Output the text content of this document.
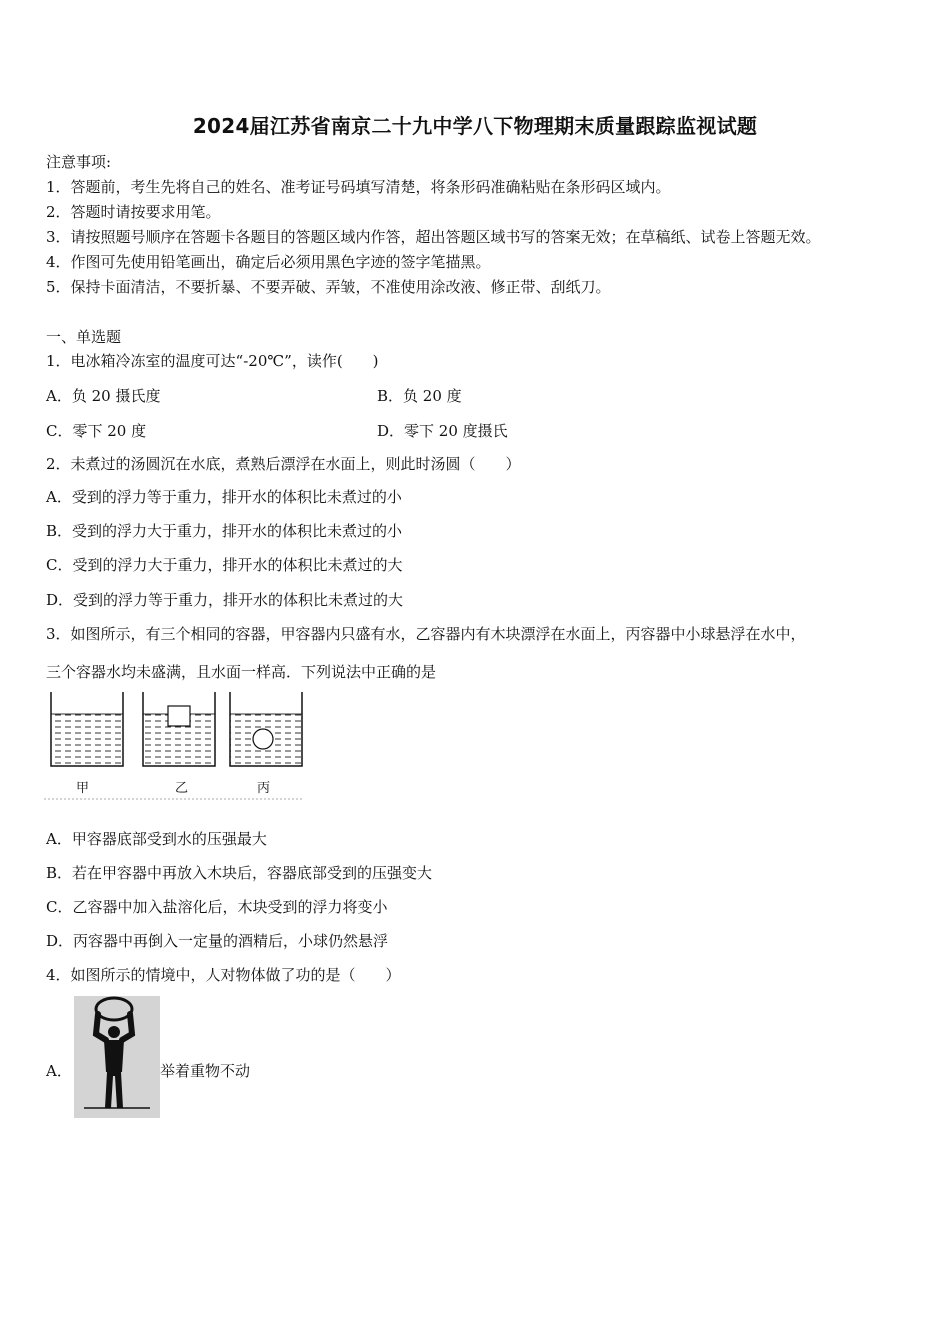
2024届江苏省南京二十九中学八下物理期末质量跟踪监视试题
注意事项:
1．答题前，考生先将自己的姓名、准考证号码填写清楚，将条形码准确粘贴在条形码区域内。
2．答题时请按要求用笔。
3．请按照题号顺序在答题卡各题目的答题区域内作答，超出答题区域书写的答案无效；在草稿纸、试卷上答题无效。
4．作图可先使用铅笔画出，确定后必须用黑色字迹的签字笔描黑。
5．保持卡面清洁，不要折暴、不要弄破、弄皱，不准使用涂改液、修正带、刮纸刀。
一、单选题
1．电冰箱冷冻室的温度可达“-20℃”，读作(　　)
A．负 20 摄氏度	B．负 20 度
C．零下 20 度	D．零下 20 度摄氏
2．未煮过的汤圆沉在水底，煮熟后漂浮在水面上，则此时汤圆（　　）
A．受到的浮力等于重力，排开水的体积比未煮过的小
B．受到的浮力大于重力，排开水的体积比未煮过的小
C．受到的浮力大于重力，排开水的体积比未煮过的大
D．受到的浮力等于重力，排开水的体积比未煮过的大
3．如图所示，有三个相同的容器，甲容器内只盛有水，乙容器内有木块漂浮在水面上，丙容器中小球悬浮在水中，
三个容器水均未盛满，且水面一样高．下列说法中正确的是
甲	乙	丙
A．甲容器底部受到水的压强最大
B．若在甲容器中再放入木块后，容器底部受到的压强变大
C．乙容器中加入盐溶化后，木块受到的浮力将变小
D．丙容器中再倒入一定量的酒精后，小球仍然悬浮
4．如图所示的情境中，人对物体做了功的是（　　）
A．	举着重物不动
